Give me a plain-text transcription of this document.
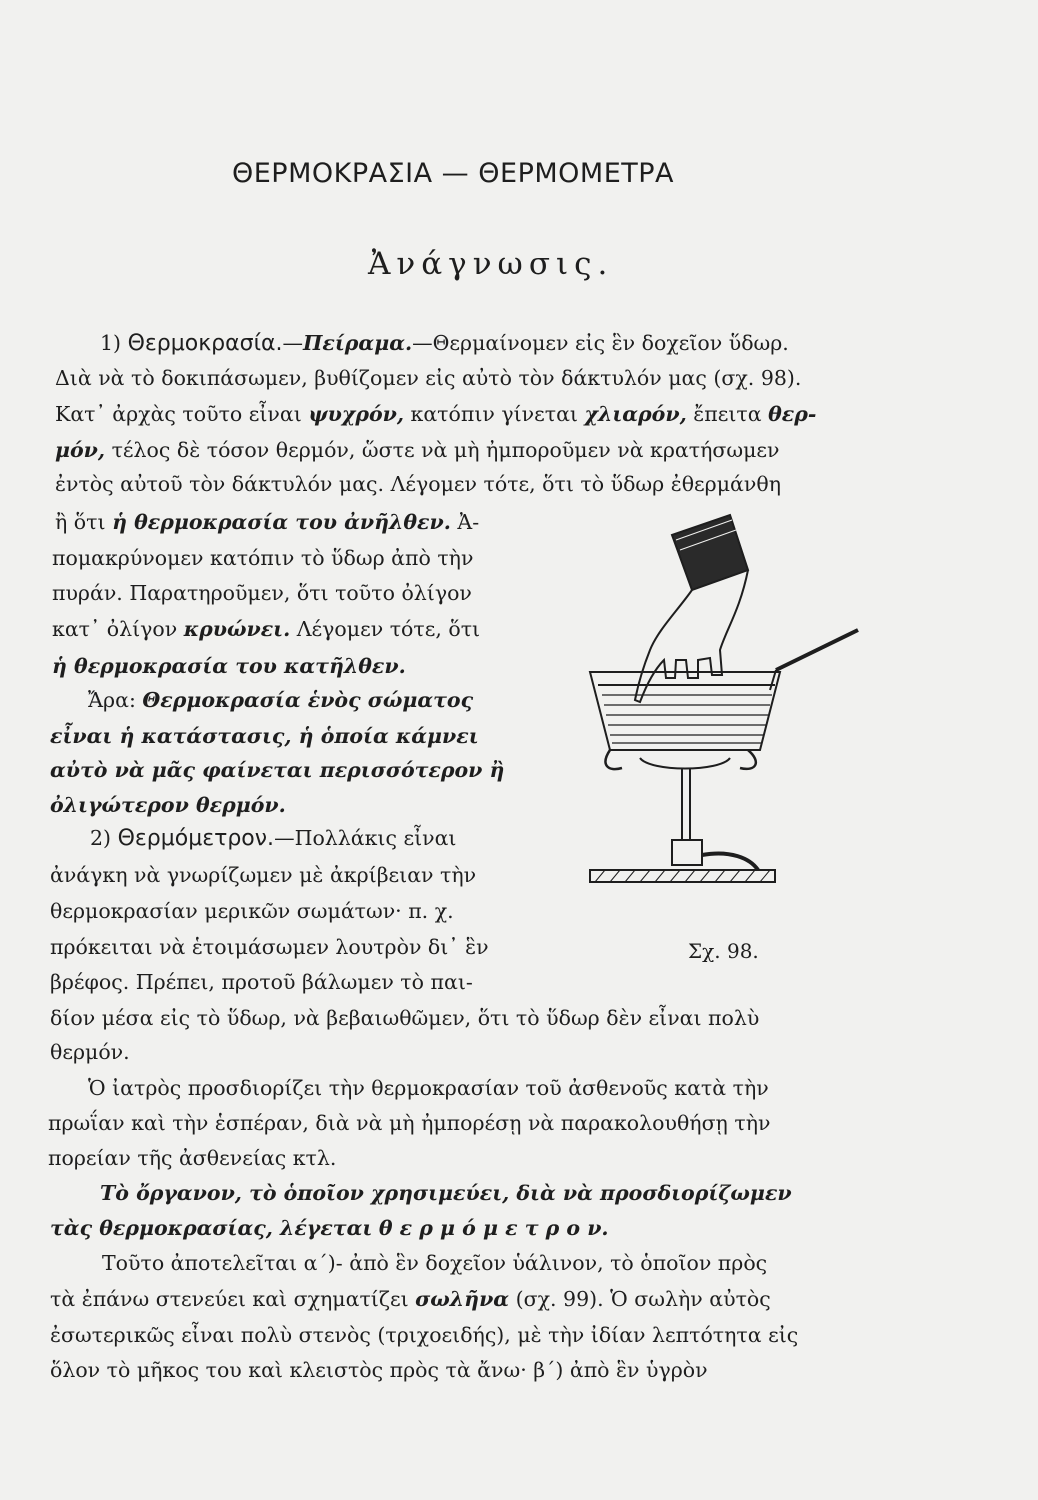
ΘΕΡΜΟΚΡΑΣΙΑ — ΘΕΡΜΟΜΕΤΡΑ
Ἀνάγνωσις.
1) Θερμοκρασία.—Πείραμα.—Θερμαίνομεν εἰς ἓν δοχεῖον ὕδωρ.
Διὰ νὰ τὸ δοκιπάσωμεν, βυθίζομεν εἰς αὐτὸ τὸν δάκτυλόν μας (σχ. 98).
Κατ᾽ ἀρχὰς τοῦτο εἶναι ψυχρόν, κατόπιν γίνεται χλιαρόν, ἔπειτα θερ-
μόν, τέλος δὲ τόσον θερμόν, ὥστε νὰ μὴ ἠμποροῦμεν νὰ κρατήσωμεν
ἐντὸς αὐτοῦ τὸν δάκτυλόν μας. Λέγομεν τότε, ὅτι τὸ ὕδωρ ἐθερμάνθη
ἢ ὅτι ἡ θερμοκρασία του ἀνῆλθεν. Ἀ-
πομακρύνομεν κατόπιν τὸ ὕδωρ ἀπὸ τὴν
πυράν. Παρατηροῦμεν, ὅτι τοῦτο ὀλίγον
κατ᾽ ὀλίγον κρυώνει. Λέγομεν τότε, ὅτι
ἡ θερμοκρασία του κατῆλθεν.
Ἄρα: Θερμοκρασία ἑνὸς σώματος
εἶναι ἡ κατάστασις, ἡ ὁποία κάμνει
αὐτὸ νὰ μᾶς φαίνεται περισσότερον ἢ
ὀλιγώτερον θερμόν.
2) Θερμόμετρον.—Πολλάκις εἶναι
ἀνάγκη νὰ γνωρίζωμεν μὲ ἀκρίβειαν τὴν
θερμοκρασίαν μερικῶν σωμάτων· π. χ.
πρόκειται νὰ ἑτοιμάσωμεν λουτρὸν δι᾽ ἓν
βρέφος. Πρέπει, προτοῦ βάλωμεν τὸ παι-
δίον μέσα εἰς τὸ ὕδωρ, νὰ βεβαιωθῶμεν, ὅτι τὸ ὕδωρ δὲν εἶναι πολὺ
θερμόν.
Ὁ ἰατρὸς προσδιορίζει τὴν θερμοκρασίαν τοῦ ἀσθενοῦς κατὰ τὴν
πρωΐαν καὶ τὴν ἑσπέραν, διὰ νὰ μὴ ἠμπορέσῃ νὰ παρακολουθήσῃ τὴν
πορείαν τῆς ἀσθενείας κτλ.
Τὸ ὄργανον, τὸ ὁποῖον χρησιμεύει, διὰ νὰ προσδιορίζωμεν
τὰς θερμοκρασίας, λέγεται θ ε ρ μ ό μ ε τ ρ ο ν.
Τοῦτο ἀποτελεῖται α΄)- ἀπὸ ἓν δοχεῖον ὑάλινον, τὸ ὁποῖον πρὸς
τὰ ἐπάνω στενεύει καὶ σχηματίζει σωλῆνα (σχ. 99). Ὁ σωλὴν αὐτὸς
ἐσωτερικῶς εἶναι πολὺ στενὸς (τριχοειδής), μὲ τὴν ἰδίαν λεπτότητα εἰς
ὅλον τὸ μῆκος του καὶ κλειστὸς πρὸς τὰ ἄνω· β΄) ἀπὸ ἓν ὑγρὸν
Σχ. 98.
